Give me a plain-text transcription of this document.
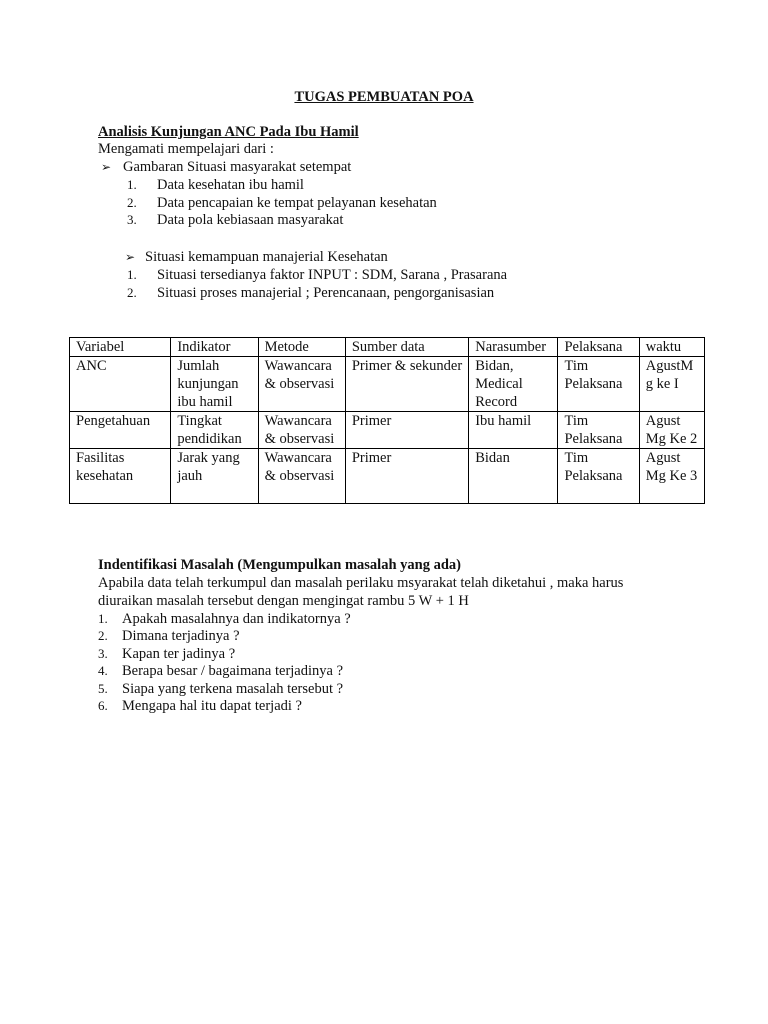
TUGAS PEMBUATAN POA
Analisis Kunjungan ANC Pada Ibu Hamil
Mengamati mempelajari dari :
➢ Gambaran Situasi masyarakat setempat
1. Data kesehatan ibu hamil
2. Data pencapaian ke tempat pelayanan kesehatan
3. Data pola kebiasaan masyarakat
➢ Situasi kemampuan manajerial Kesehatan
1. Situasi tersedianya faktor INPUT : SDM, Sarana , Prasarana
2. Situasi proses manajerial ; Perencanaan, pengorganisasian
Variabel	Indikator	Metode	Sumber data	Narasumber	Pelaksana	waktu
ANC	Jumlah kunjungan ibu hamil	Wawancara & observasi	Primer & sekunder	Bidan, Medical Record	Tim Pelaksana	AgustMg ke I
Pengetahuan	Tingkat pendidikan	Wawancara & observasi	Primer	Ibu hamil	Tim Pelaksana	Agust Mg Ke 2
Fasilitas kesehatan	Jarak yang jauh	Wawancara & observasi	Primer	Bidan	Tim Pelaksana	Agust Mg Ke 3
Indentifikasi Masalah (Mengumpulkan masalah yang ada)
Apabila data telah terkumpul dan masalah perilaku msyarakat telah diketahui , maka harus
diuraikan masalah tersebut dengan mengingat rambu 5 W + 1 H
1. Apakah masalahnya dan indikatornya ?
2. Dimana terjadinya ?
3. Kapan ter jadinya ?
4. Berapa besar / bagaimana terjadinya ?
5. Siapa yang terkena masalah tersebut ?
6. Mengapa hal itu dapat terjadi ?
